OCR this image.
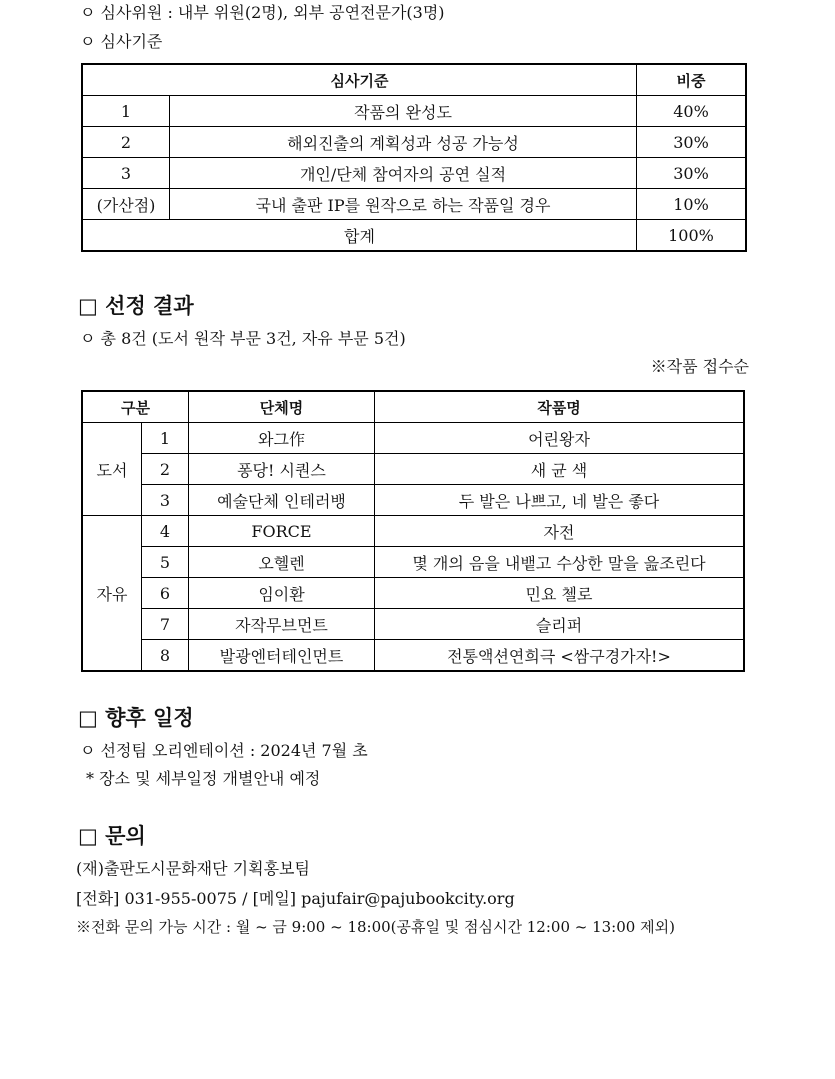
ㅇ 심사위원 : 내부 위원(2명), 외부 공연전문가(3명)
ㅇ 심사기준
심사기준		비중
1	작품의 완성도	40%
2	해외진출의 계획성과 성공 가능성	30%
3	개인/단체 참여자의 공연 실적	30%
(가산점)	국내 출판 IP를 원작으로 하는 작품일 경우	10%
합계		100%
□ 선정 결과
ㅇ 총 8건 (도서 원작 부문 3건, 자유 부문 5건)
※작품 접수순
구분		단체명	작품명
도서	1	와그作	어린왕자
	2	퐁당! 시퀀스	새 균 색
	3	예술단체 인테러뱅	두 발은 나쁘고, 네 발은 좋다
자유	4	FORCE	자전
	5	오헬렌	몇 개의 음을 내뱉고 수상한 말을 읊조린다
	6	임이환	민요 첼로
	7	자작무브먼트	슬리퍼
	8	발광엔터테인먼트	전통액션연희극 <쌈구경가자!>
□ 향후 일정
ㅇ 선정팀 오리엔테이션 : 2024년 7월 초
* 장소 및 세부일정 개별안내 예정
□ 문의
(재)출판도시문화재단 기획홍보팀
[전화] 031-955-0075 / [메일] pajufair@pajubookcity.org
※전화 문의 가능 시간 : 월 ~ 금 9:00 ~ 18:00(공휴일 및 점심시간 12:00 ~ 13:00 제외)
